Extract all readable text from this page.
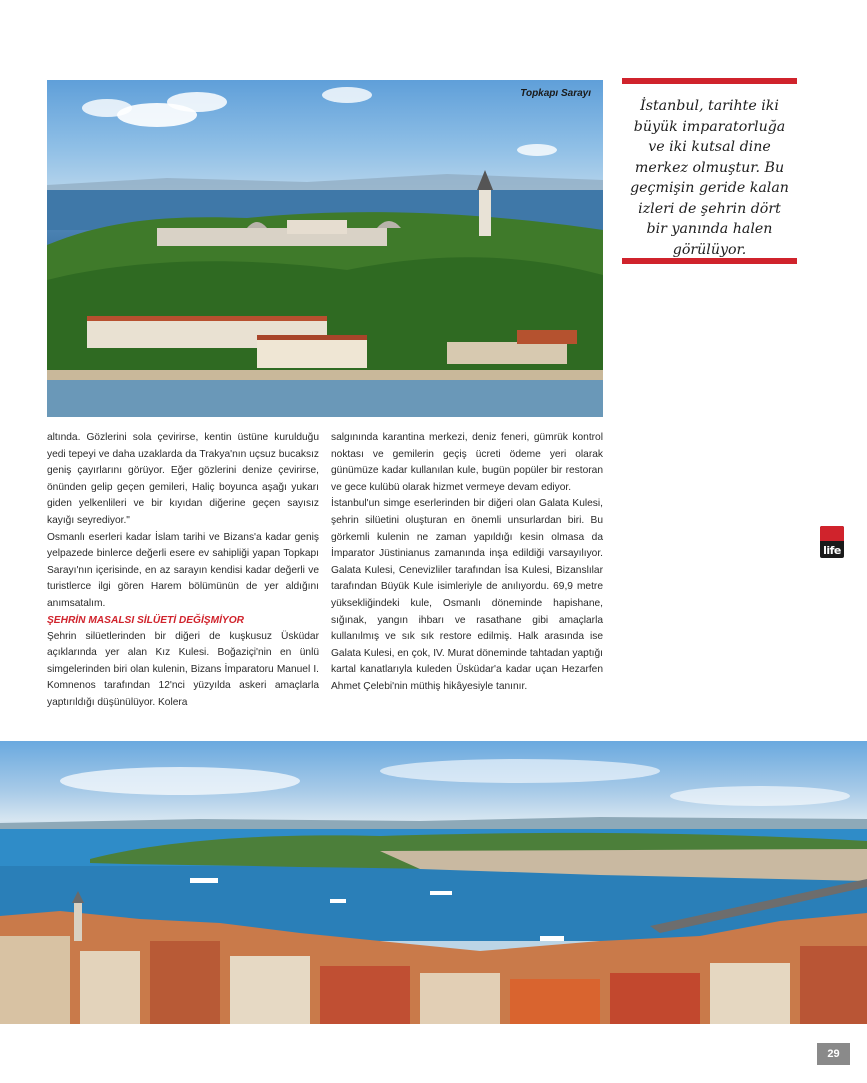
Topkapı Sarayı
İstanbul, tarihte iki büyük imparatorluğa ve iki kutsal dine merkez olmuştur. Bu geçmişin geride kalan izleri de şehrin dört bir yanında halen görülüyor.

altında. Gözlerini sola çevirirse, kentin üstüne kurulduğu yedi tepeyi ve daha uzaklarda da Trakya'nın uçsuz bucaksız geniş çayırlarını görüyor. Eğer gözlerini denize çevirirse, önünden gelip geçen gemileri, Haliç boyunca aşağı yukarı giden yelkenlileri ve bir kıyıdan diğerine geçen sayısız kayığı seyrediyor."

Osmanlı eserleri kadar İslam tarihi ve Bizans'a kadar geniş yelpazede binlerce değerli esere ev sahipliği yapan Topkapı Sarayı'nın içerisinde, en az sarayın kendisi kadar değerli ve turistlerce ilgi gören Harem bölümünün de yer aldığını anımsatalım.

ŞEHRİN MASALSI SİLÜETİ DEĞİŞMİYOR

Şehrin silüetlerinden bir diğeri de kuşkusuz Üsküdar açıklarında yer alan Kız Kulesi. Boğaziçi'nin en ünlü simgelerinden biri olan kulenin, Bizans İmparatoru Manuel I. Komnenos tarafından 12'nci yüzyılda askeri amaçlarla yaptırıldığı düşünülüyor. Kolera

salgınında karantina merkezi, deniz feneri, gümrük kontrol noktası ve gemilerin geçiş ücreti ödeme yeri olarak günümüze kadar kullanılan kule, bugün popüler bir restoran ve gece kulübü olarak hizmet vermeye devam ediyor.

İstanbul'un simge eserlerinden bir diğeri olan Galata Kulesi, şehrin silüetini oluşturan en önemli unsurlardan biri. Bu görkemli kulenin ne zaman yapıldığı kesin olmasa da İmparator Jüstinianus zamanında inşa edildiği varsayılıyor. Galata Kulesi, Cenevizliler tarafından İsa Kulesi, Bizanslılar tarafından Büyük Kule isimleriyle de anılıyordu. 69,9 metre yüksekliğindeki kule, Osmanlı döneminde hapishane, sığınak, yangın ihbarı ve rasathane gibi amaçlarla kullanılmış ve sık sık restore edilmiş. Halk arasında ise Galata Kulesi, en çok, IV. Murat döneminde tahtadan yaptığı kartal kanatlarıyla kuleden Üsküdar'a kadar uçan Hezarfen Ahmet Çelebi'nin müthiş hikâyesiyle tanınır.

life
29
